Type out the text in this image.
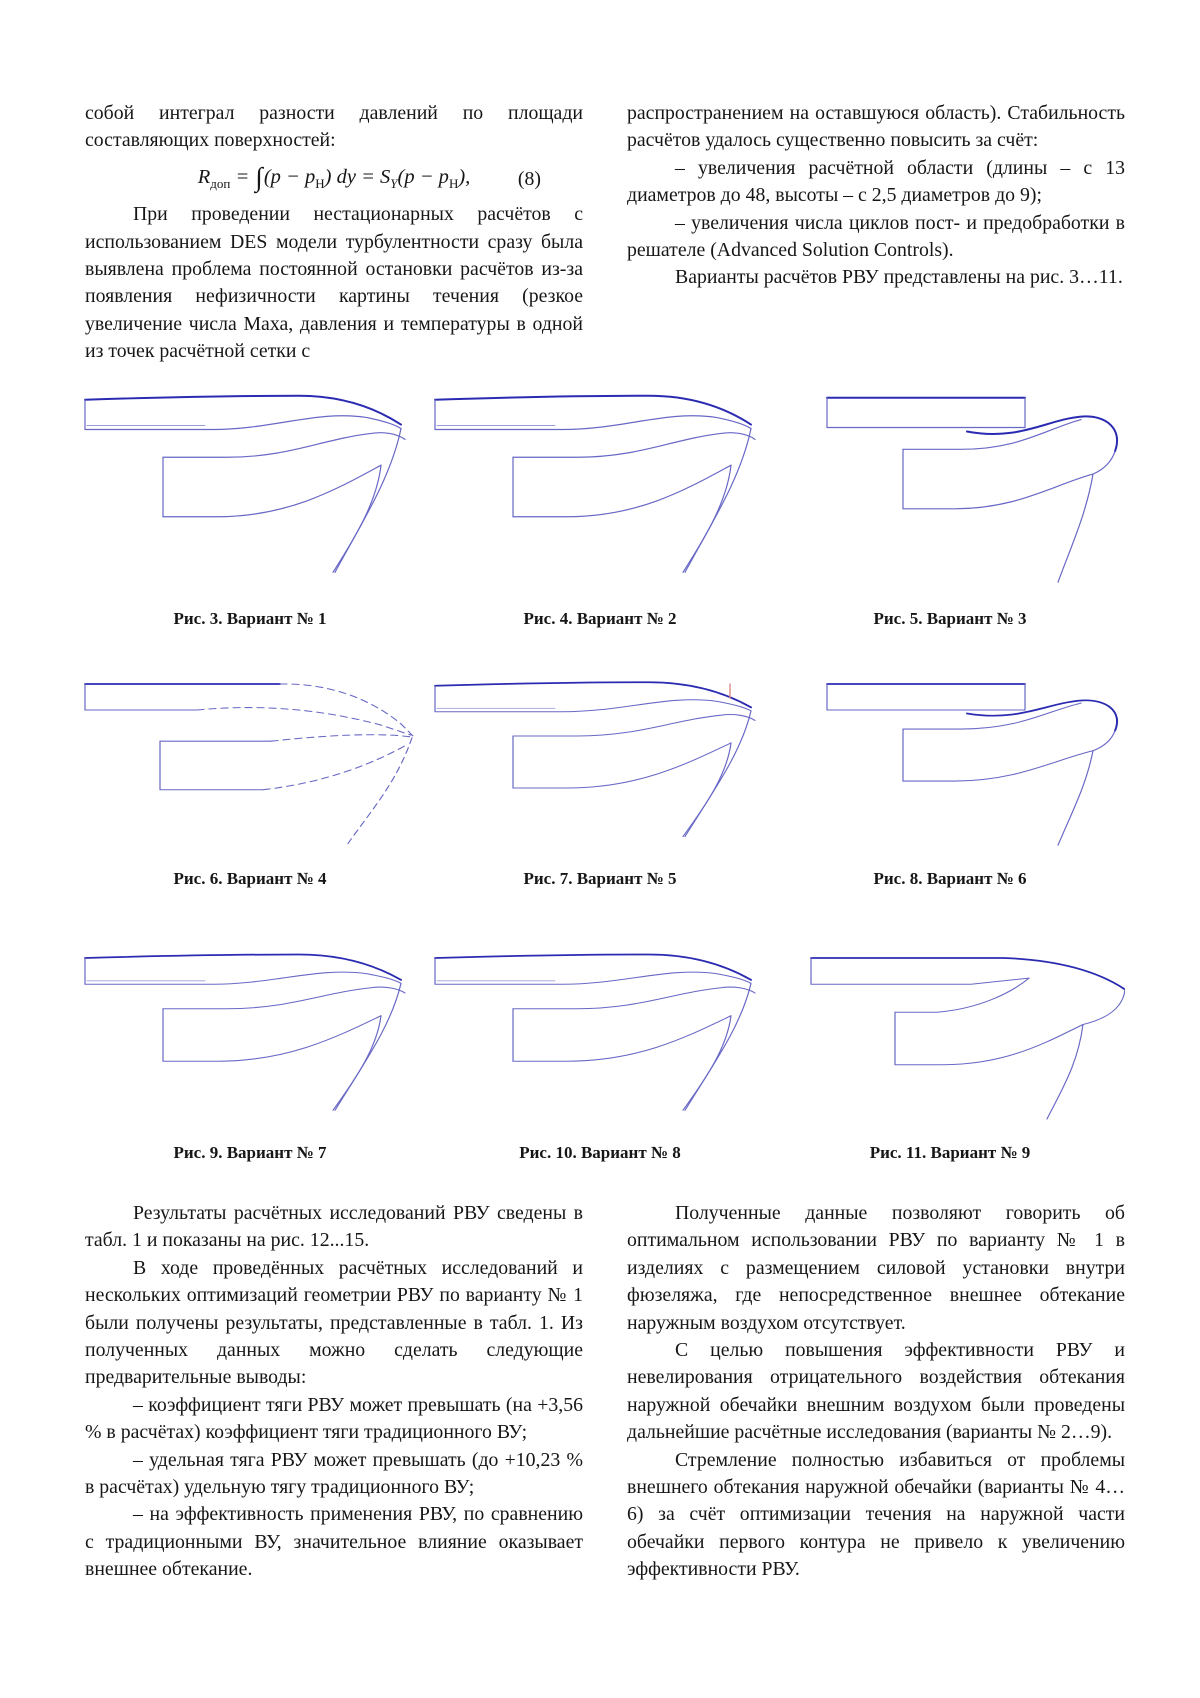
собой интеграл разности давлений по площади составляющих поверхностей:

$R_{доп} = \int(p - p_Н)$ dy = $S_Y(p - p_Н)$, (8)

При проведении нестационарных расчётов с использованием DES модели турбулентности сразу была выявлена проблема постоянной остановки расчётов из-за появления нефизичности картины течения (резкое увеличение числа Маха, давления и температуры в одной из точек расчётной сетки с

распространением на оставшуюся область). Стабильность расчётов удалось существенно повысить за счёт:

– увеличения расчётной области (длины – с 13 диаметров до 48, высоты – с 2,5 диаметров до 9);

– увеличения числа циклов пост- и предобработки в решателе (Advanced Solution Controls).

Варианты расчётов РВУ представлены на рис. 3…11.

Рис. 3. Вариант № 1	Рис. 4. Вариант № 2	Рис. 5. Вариант № 3
Рис. 6. Вариант № 4	Рис. 7. Вариант № 5	Рис. 8. Вариант № 6
Рис. 9. Вариант № 7	Рис. 10. Вариант № 8	Рис. 11. Вариант № 9

Результаты расчётных исследований РВУ сведены в табл. 1 и показаны на рис. 12...15.

В ходе проведённых расчётных исследований и нескольких оптимизаций геометрии РВУ по варианту № 1 были получены результаты, представленные в табл. 1. Из полученных данных можно сделать следующие предварительные выводы:

– коэффициент тяги РВУ может превышать (на +3,56 % в расчётах) коэффициент тяги традиционного ВУ;

– удельная тяга РВУ может превышать (до +10,23 % в расчётах) удельную тягу традиционного ВУ;

– на эффективность применения РВУ, по сравнению с традиционными ВУ, значительное влияние оказывает внешнее обтекание.

Полученные данные позволяют говорить об оптимальном использовании РВУ по варианту № 1 в изделиях с размещением силовой установки внутри фюзеляжа, где непосредственное внешнее обтекание наружным воздухом отсутствует.

С целью повышения эффективности РВУ и невелирования отрицательного воздействия обтекания наружной обечайки внешним воздухом были проведены дальнейшие расчётные исследования (варианты № 2…9).

Стремление полностью избавиться от проблемы внешнего обтекания наружной обечайки (варианты № 4…6) за счёт оптимизации течения на наружной части обечайки первого контура не привело к увеличению эффективности РВУ.
